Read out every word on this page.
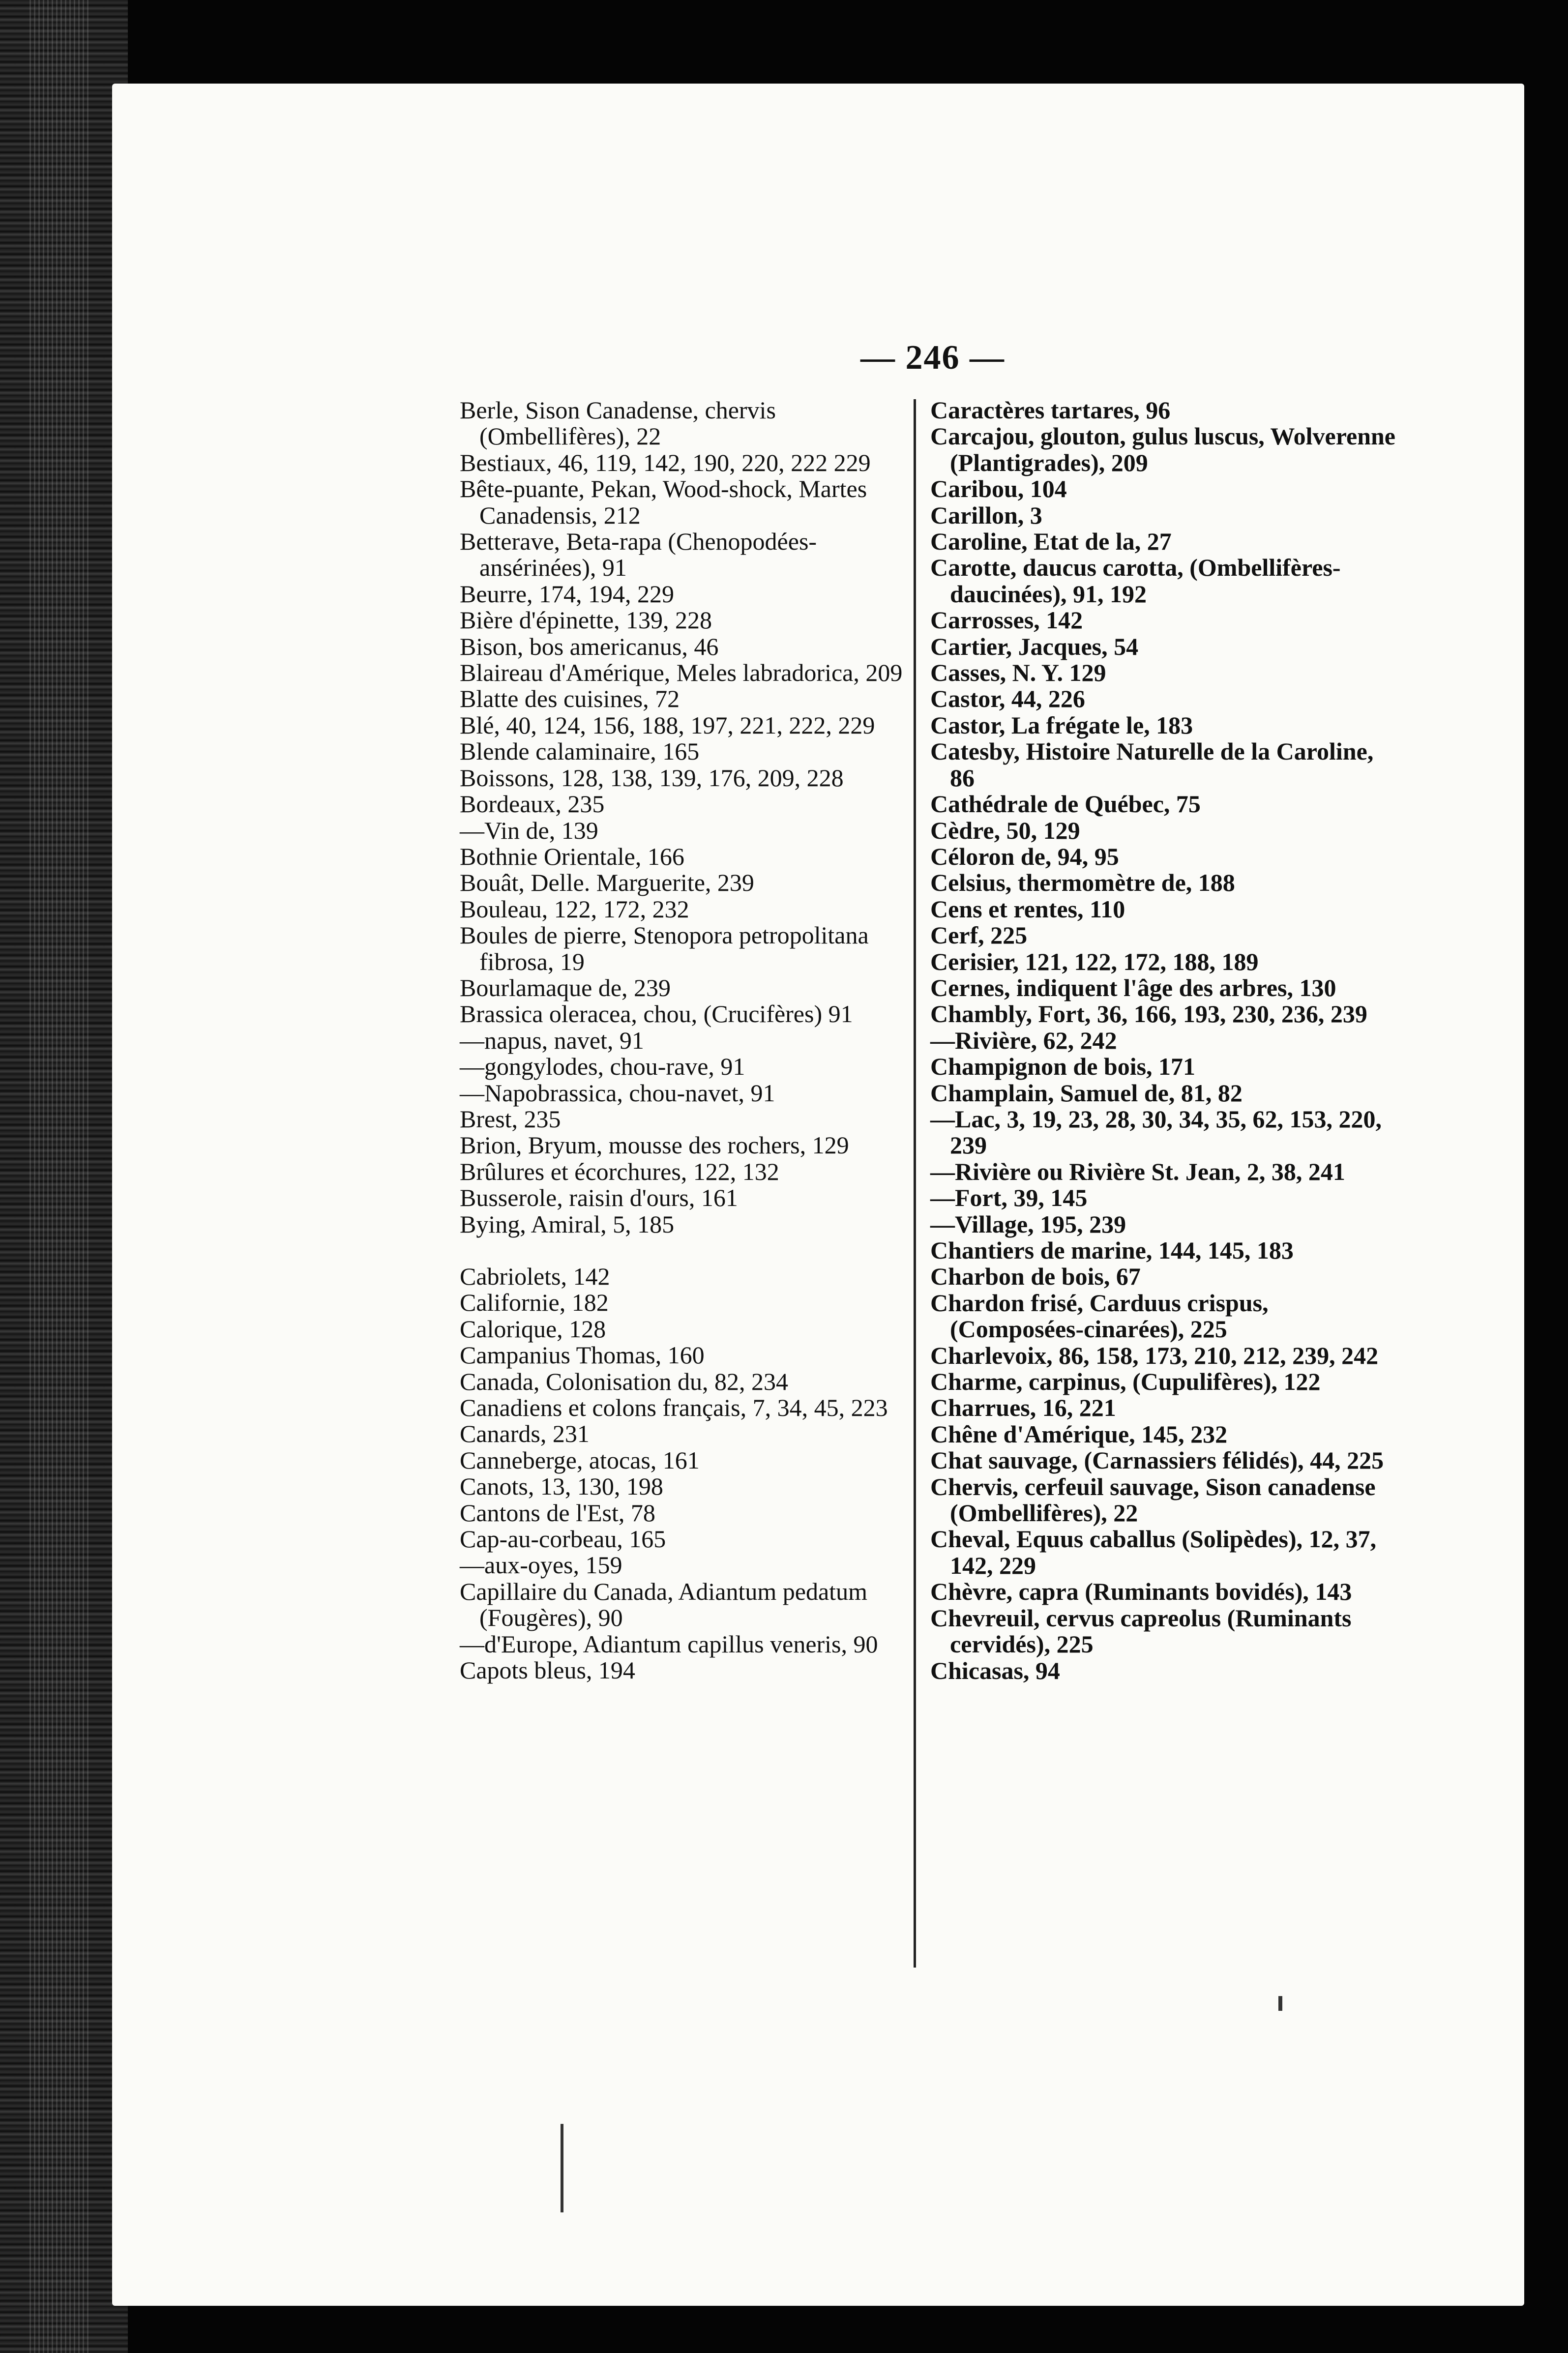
— 246 —
Berle, Sison Canadense, chervis (Ombellifères), 22
Bestiaux, 46, 119, 142, 190, 220, 222 229
Bête-puante, Pekan, Wood-shock, Martes Canadensis, 212
Betterave, Beta-rapa (Chenopodées-ansérinées), 91
Beurre, 174, 194, 229
Bière d'épinette, 139, 228
Bison, bos americanus, 46
Blaireau d'Amérique, Meles labradorica, 209
Blatte des cuisines, 72
Blé, 40, 124, 156, 188, 197, 221, 222, 229
Blende calaminaire, 165
Boissons, 128, 138, 139, 176, 209, 228
Bordeaux, 235
—Vin de, 139
Bothnie Orientale, 166
Bouât, Delle. Marguerite, 239
Bouleau, 122, 172, 232
Boules de pierre, Stenopora petropolitana fibrosa, 19
Bourlamaque de, 239
Brassica oleracea, chou, (Crucifères) 91
—napus, navet, 91
—gongylodes, chou-rave, 91
—Napobrassica, chou-navet, 91
Brest, 235
Brion, Bryum, mousse des rochers, 129
Brûlures et écorchures, 122, 132
Busserole, raisin d'ours, 161
Bying, Amiral, 5, 185
Cabriolets, 142
Californie, 182
Calorique, 128
Campanius Thomas, 160
Canada, Colonisation du, 82, 234
Canadiens et colons français, 7, 34, 45, 223
Canards, 231
Canneberge, atocas, 161
Canots, 13, 130, 198
Cantons de l'Est, 78
Cap-au-corbeau, 165
—aux-oyes, 159
Capillaire du Canada, Adiantum pedatum (Fougères), 90
—d'Europe, Adiantum capillus veneris, 90
Capots bleus, 194
Caractères tartares, 96
Carcajou, glouton, gulus luscus, Wolverenne (Plantigrades), 209
Caribou, 104
Carillon, 3
Caroline, Etat de la, 27
Carotte, daucus carotta, (Ombellifères-daucinées), 91, 192
Carrosses, 142
Cartier, Jacques, 54
Casses, N. Y. 129
Castor, 44, 226
Castor, La frégate le, 183
Catesby, Histoire Naturelle de la Caroline, 86
Cathédrale de Québec, 75
Cèdre, 50, 129
Céloron de, 94, 95
Celsius, thermomètre de, 188
Cens et rentes, 110
Cerf, 225
Cerisier, 121, 122, 172, 188, 189
Cernes, indiquent l'âge des arbres, 130
Chambly, Fort, 36, 166, 193, 230, 236, 239
—Rivière, 62, 242
Champignon de bois, 171
Champlain, Samuel de, 81, 82
—Lac, 3, 19, 23, 28, 30, 34, 35, 62, 153, 220, 239
—Rivière ou Rivière St. Jean, 2, 38, 241
—Fort, 39, 145
—Village, 195, 239
Chantiers de marine, 144, 145, 183
Charbon de bois, 67
Chardon frisé, Carduus crispus, (Composées-cinarées), 225
Charlevoix, 86, 158, 173, 210, 212, 239, 242
Charme, carpinus, (Cupulifères), 122
Charrues, 16, 221
Chêne d'Amérique, 145, 232
Chat sauvage, (Carnassiers félidés), 44, 225
Chervis, cerfeuil sauvage, Sison canadense (Ombellifères), 22
Cheval, Equus caballus (Solipèdes), 12, 37, 142, 229
Chèvre, capra (Ruminants bovidés), 143
Chevreuil, cervus capreolus (Ruminants cervidés), 225
Chicasas, 94
